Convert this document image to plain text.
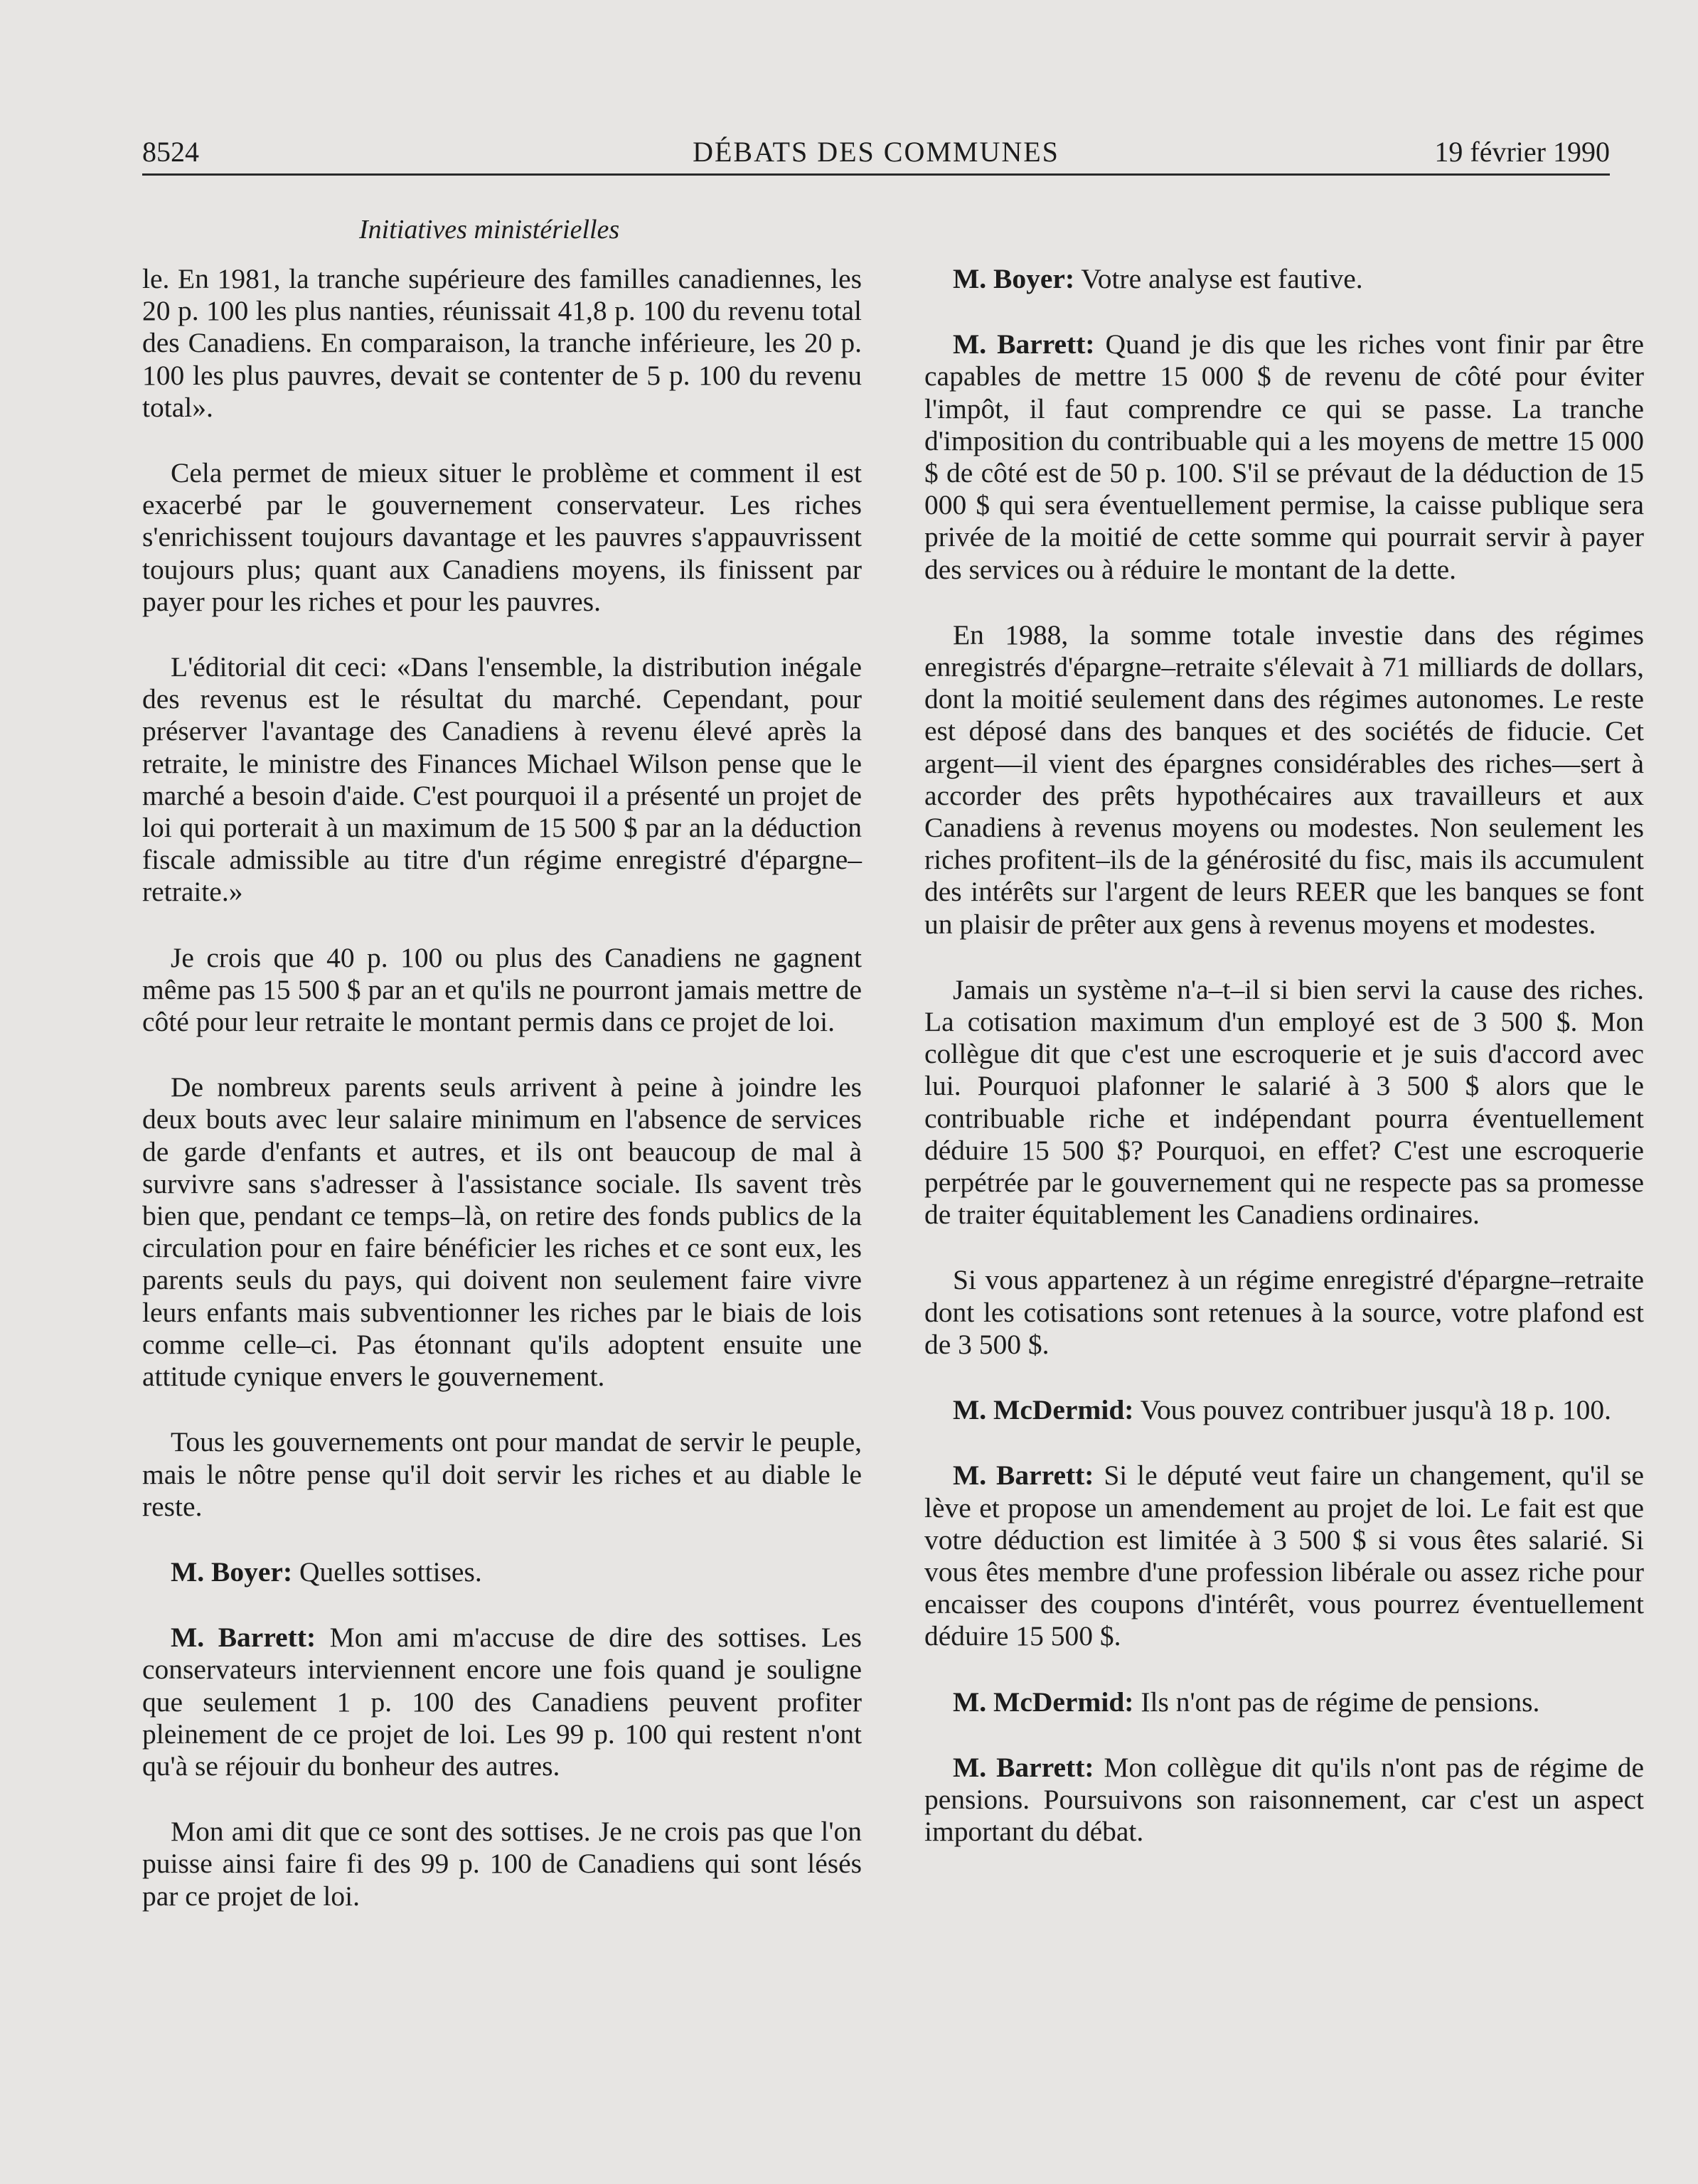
8524	DÉBATS DES COMMUNES	19 février 1990
Initiatives ministérielles

le. En 1981, la tranche supérieure des familles canadiennes, les 20 p. 100 les plus nanties, réunissait 41,8 p. 100 du revenu total des Canadiens. En comparaison, la tranche inférieure, les 20 p. 100 les plus pauvres, devait se contenter de 5 p. 100 du revenu total».

Cela permet de mieux situer le problème et comment il est exacerbé par le gouvernement conservateur. Les riches s'enrichissent toujours davantage et les pauvres s'appauvrissent toujours plus; quant aux Canadiens moyens, ils finissent par payer pour les riches et pour les pauvres.

L'éditorial dit ceci: «Dans l'ensemble, la distribution inégale des revenus est le résultat du marché. Cependant, pour préserver l'avantage des Canadiens à revenu élevé après la retraite, le ministre des Finances Michael Wilson pense que le marché a besoin d'aide. C'est pourquoi il a présenté un projet de loi qui porterait à un maximum de 15 500 $ par an la déduction fiscale admissible au titre d'un régime enregistré d'épargne–retraite.»

Je crois que 40 p. 100 ou plus des Canadiens ne gagnent même pas 15 500 $ par an et qu'ils ne pourront jamais mettre de côté pour leur retraite le montant permis dans ce projet de loi.

De nombreux parents seuls arrivent à peine à joindre les deux bouts avec leur salaire minimum en l'absence de services de garde d'enfants et autres, et ils ont beaucoup de mal à survivre sans s'adresser à l'assistance sociale. Ils savent très bien que, pendant ce temps–là, on retire des fonds publics de la circulation pour en faire bénéficier les riches et ce sont eux, les parents seuls du pays, qui doivent non seulement faire vivre leurs enfants mais subventionner les riches par le biais de lois comme celle–ci. Pas étonnant qu'ils adoptent ensuite une attitude cynique envers le gouvernement.

Tous les gouvernements ont pour mandat de servir le peuple, mais le nôtre pense qu'il doit servir les riches et au diable le reste.

M. Boyer: Quelles sottises.

M. Barrett: Mon ami m'accuse de dire des sottises. Les conservateurs interviennent encore une fois quand je souligne que seulement 1 p. 100 des Canadiens peuvent profiter pleinement de ce projet de loi. Les 99 p. 100 qui restent n'ont qu'à se réjouir du bonheur des autres.

Mon ami dit que ce sont des sottises. Je ne crois pas que l'on puisse ainsi faire fi des 99 p. 100 de Canadiens qui sont lésés par ce projet de loi.

M. Boyer: Votre analyse est fautive.

M. Barrett: Quand je dis que les riches vont finir par être capables de mettre 15 000 $ de revenu de côté pour éviter l'impôt, il faut comprendre ce qui se passe. La tranche d'imposition du contribuable qui a les moyens de mettre 15 000 $ de côté est de 50 p. 100. S'il se prévaut de la déduction de 15 000 $ qui sera éventuellement permise, la caisse publique sera privée de la moitié de cette somme qui pourrait servir à payer des services ou à réduire le montant de la dette.

En 1988, la somme totale investie dans des régimes enregistrés d'épargne–retraite s'élevait à 71 milliards de dollars, dont la moitié seulement dans des régimes autonomes. Le reste est déposé dans des banques et des sociétés de fiducie. Cet argent—il vient des épargnes considérables des riches—sert à accorder des prêts hypothécaires aux travailleurs et aux Canadiens à revenus moyens ou modestes. Non seulement les riches profitent–ils de la générosité du fisc, mais ils accumulent des intérêts sur l'argent de leurs REER que les banques se font un plaisir de prêter aux gens à revenus moyens et modestes.

Jamais un système n'a–t–il si bien servi la cause des riches. La cotisation maximum d'un employé est de 3 500 $. Mon collègue dit que c'est une escroquerie et je suis d'accord avec lui. Pourquoi plafonner le salarié à 3 500 $ alors que le contribuable riche et indépendant pourra éventuellement déduire 15 500 $? Pourquoi, en effet? C'est une escroquerie perpétrée par le gouvernement qui ne respecte pas sa promesse de traiter équitablement les Canadiens ordinaires.

Si vous appartenez à un régime enregistré d'épargne–retraite dont les cotisations sont retenues à la source, votre plafond est de 3 500 $.

M. McDermid: Vous pouvez contribuer jusqu'à 18 p. 100.

M. Barrett: Si le député veut faire un changement, qu'il se lève et propose un amendement au projet de loi. Le fait est que votre déduction est limitée à 3 500 $ si vous êtes salarié. Si vous êtes membre d'une profession libérale ou assez riche pour encaisser des coupons d'intérêt, vous pourrez éventuellement déduire 15 500 $.

M. McDermid: Ils n'ont pas de régime de pensions.

M. Barrett: Mon collègue dit qu'ils n'ont pas de régime de pensions. Poursuivons son raisonnement, car c'est un aspect important du débat.
